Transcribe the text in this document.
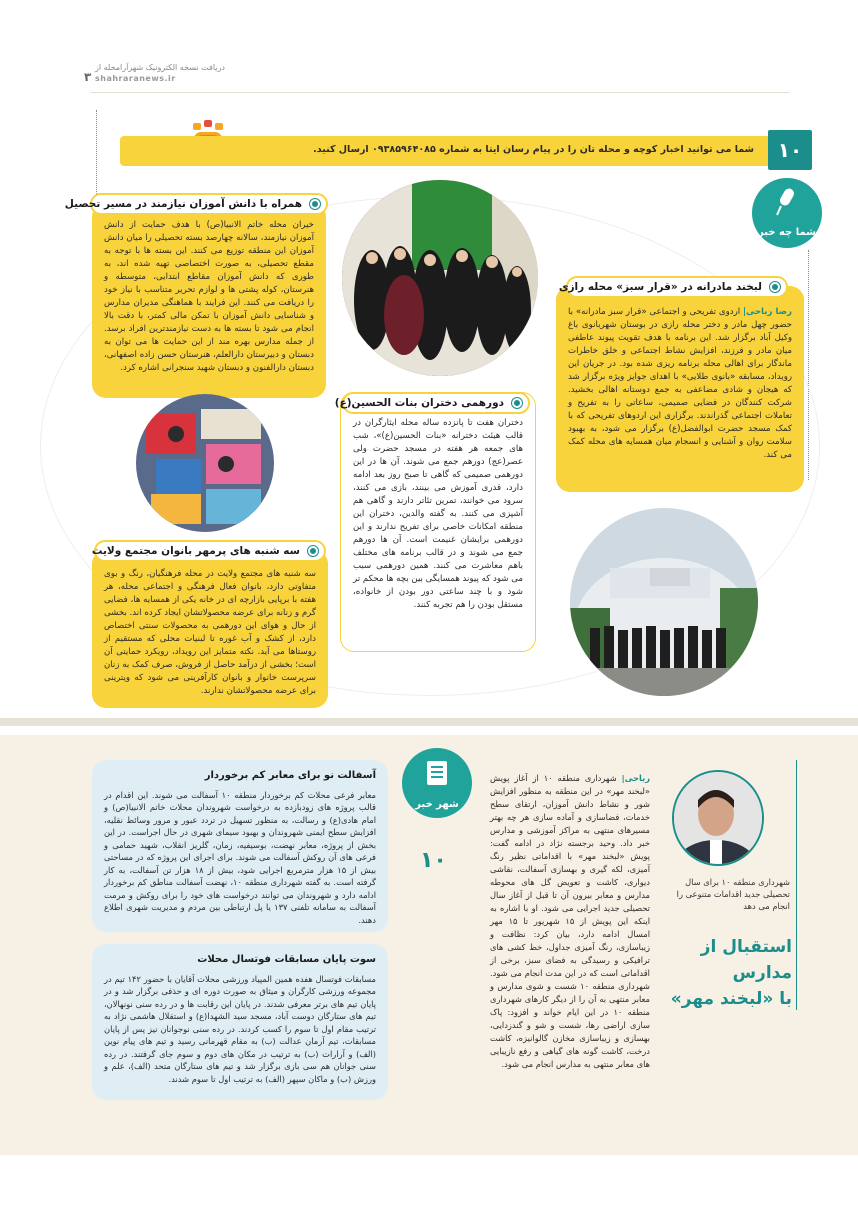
دریافت نسخه الکترونیک شهرآرامحله از
shahraranews.ir
۳
شما می توانید اخبار کوچه و محله تان را در پیام رسان ایتا به شماره ۰۹۳۸۵۹۶۴۰۸۵ ارسال کنید.	۱۰
شما چه خبر
خیران محله خاتم الانبیا(ص) با هدف حمایت از دانش آموزان نیازمند، سالانه چهارصد بسته تحصیلی را میان دانش آموزان این منطقه توزیع می کنند. این بسته ها با توجه به مقطع تحصیلی، به صورت اختصاصی تهیه شده اند، به طوری که دانش آموزان مقاطع ابتدایی، متوسطه و هنرستان، کوله پشتی ها و لوازم تحریر متناسب با نیاز خود را دریافت می کنند. این فرایند با هماهنگی مدیران مدارس و شناسایی دانش آموزان با تمکن مالی کمتر، با دقت بالا انجام می شود تا بسته ها به دست نیازمندترین افراد برسد. از جمله مدارس بهره مند از این حمایت ها می توان به دبستان و دبیرستان دارالعلم، هنرستان حسن زاده اصفهانی، دبستان دارالفنون و دبستان شهید سنجرانی اشاره کرد.
همراه با دانش آموزان نیازمند در مسیر تحصیل
دختران هفت تا پانزده ساله محله ایثارگران در قالب هیئت دخترانه «بنات الحسین(ع)»، شب های جمعه هر هفته در مسجد حضرت ولی عصر(عج) دورهم جمع می شوند. آن ها در این دورهمی صمیمی که گاهی تا صبح روز بعد ادامه دارد، قدری آموزش می بینند، بازی می کنند، سرود می خوانند، تمرین تئاتر دارند و گاهی هم آشپزی می کنند. به گفته والدین، دختران این منطقه امکانات خاصی برای تفریح ندارند و این دورهمی برایشان غنیمت است. آن ها دورهم جمع می شوند و در قالب برنامه های مختلف باهم معاشرت می کنند. همین دورهمی سبب می شود که پیوند همسایگی بین بچه ها محکم تر شود و با چند ساعتی دور بودن از خانواده، مستقل بودن را هم تجربه کنند.
دورهمی دختران بنات الحسین(ع)
رضا رباحی| اردوی تفریحی و اجتماعی «قرار سبز مادرانه» با حضور چهل مادر و دختر محله رازی در بوستان شهربانوی باغ وکیل آباد برگزار شد. این برنامه با هدف تقویت پیوند عاطفی میان مادر و فرزند، افزایش نشاط اجتماعی و خلق خاطرات ماندگار برای اهالی محله برنامه ریزی شده بود. در جریان این رویداد، مسابقه «بانوی طلایی» با اهدای جوایز ویژه برگزار شد که هیجان و شادی مضاعفی به جمع دوستانه اهالی بخشید. شرکت کنندگان در فضایی صمیمی، ساعاتی را به تفریح و تعاملات اجتماعی گذراندند. برگزاری این اردوهای تفریحی که با کمک مسجد حضرت ابوالفضل(ع) برگزار می شود، به بهبود سلامت روان و آشنایی و انسجام میان همسایه های محله کمک می کند.
لبخند مادرانه در «قرار سبز» محله رازی
سه شنبه های مجتمع ولایت در محله فرهنگیان، رنگ و بوی متفاوتی دارد، بانوان فعال فرهنگی و اجتماعی محله، هر هفته با برپایی بازارچه ای در خانه یکی از همسایه ها، فضایی گرم و زنانه برای عرضه محصولاتشان ایجاد کرده اند. بخشی از حال و هوای این دورهمی به محصولات سنتی اختصاص دارد، از کشک و آب غوره تا لبنیات محلی که مستقیم از روستاها می آید. نکته متمایز این رویداد، رویکرد حمایتی آن است؛ بخشی از درآمد حاصل از فروش، صرف کمک به زنان سرپرست خانوار و بانوان کارآفرینی می شود که ویترینی برای عرضه محصولاتشان ندارند.
سه شنبه های پرمهر بانوان مجتمع ولایت
آسفالت نو برای معابر کم برخوردار
معابر فرعی محلات کم برخوردار منطقه ۱۰ آسفالت می شوند. این اقدام در قالب پروژه های زودبازده به درخواست شهروندان محلات خاتم الانبیا(ص) و امام هادی(ع) و رسالت، به منظور تسهیل در تردد عبور و مرور وسائط نقلیه، افزایش سطح ایمنی شهروندان و بهبود سیمای شهری در حال اجراست. در این بخش از پروژه، معابر نهضت، بوسیفیه، زمان، گلریز انقلاب، شهید حمامی و فرعی های آن روکش آسفالت می شوند. برای اجرای این پروژه که در مساحتی بیش از ۱۵ هزار مترمربع اجرایی شود، بیش از ۱۸ هزار تن آسفالت، به کار گرفته است. به گفته شهرداری منطقه ۱۰، نهضت آسفالت مناطق کم برخوردار ادامه دارد و شهروندان می توانند درخواست های خود را برای روکش و مرمت آسفالت به سامانه تلفنی ۱۳۷ یا پل ارتباطی بین مردم و مدیریت شهری اطلاع دهند.
سوت پایان مسابقات فوتسال محلات
مسابقات فوتسال هفده همین المپیاد ورزشی محلات آقایان با حضور ۱۴۲ تیم در مجموعه ورزشی کارگران و میثاق به صورت دوره ای و حذفی برگزار شد و در پایان تیم های برتر معرفی شدند. در پایان این رقابت ها و در رده سنی نونهالان، تیم های ستارگان دوست آباد، مسجد سید الشهدا(ع) و استقلال هاشمی نژاد به ترتیب مقام اول تا سوم را کسب کردند. در رده سنی نوجوانان نیز پس از پایان مسابقات، تیم آرمان عدالت (ب) به مقام قهرمانی رسید و تیم های پیام نوین (الف) و آرارات (ب) به ترتیب در مکان های دوم و سوم جای گرفتند. در رده سنی جوانان هم سی بازی برگزار شد و تیم های ستارگان متحد (الف)، علم و ورزش (ب) و ماکان سپهر (الف) به ترتیب اول تا سوم شدند.
شهر خبر
۱۰
رباحی| شهرداری منطقه ۱۰ از آغاز پویش «لبخند مهر» در این منطقه به منظور افزایش شور و نشاط دانش آموزان، ارتقای سطح خدمات، فضاسازی و آماده سازی هر چه بهتر مسیرهای منتهی به مراکز آموزشی و مدارس خبر داد. وحید برجسته نژاد در ادامه گفت: پویش «لبخند مهر» با اقداماتی نظیر رنگ آمیزی، لکه گیری و بهسازی آسفالت، نقاشی دیواری، کاشت و تعویض گل های محوطه مدارس و معابر بیرون آن تا قبل از آغاز سال تحصیلی جدید اجرایی می شود. او با اشاره به اینکه این پویش از ۱۵ شهریور تا ۱۵ مهر امسال ادامه دارد، بیان کرد: نظافت و زیباسازی، رنگ آمیزی جداول، خط کشی های ترافیکی و رسیدگی به فضای سبز، برخی از اقداماتی است که در این مدت انجام می شود. شهرداری منطقه ۱۰ شست و شوی مدارس و معابر منتهی به آن را از دیگر کارهای شهرداری منطقه ۱۰ در این ایام خواند و افزود: پاک سازی اراضی رها، شست و شو و گندزدایی، بهسازی و زیباسازی مخازن گالوانیزه، کاشت درخت، کاشت گونه های گیاهی و رفع نازیبایی های معابر منتهی به مدارس انجام می شود.
شهرداری منطقه ۱۰ برای سال تحصیلی جدید اقدامات متنوعی را انجام می دهد
استقبال از مدارس
با «لبخند مهر»
